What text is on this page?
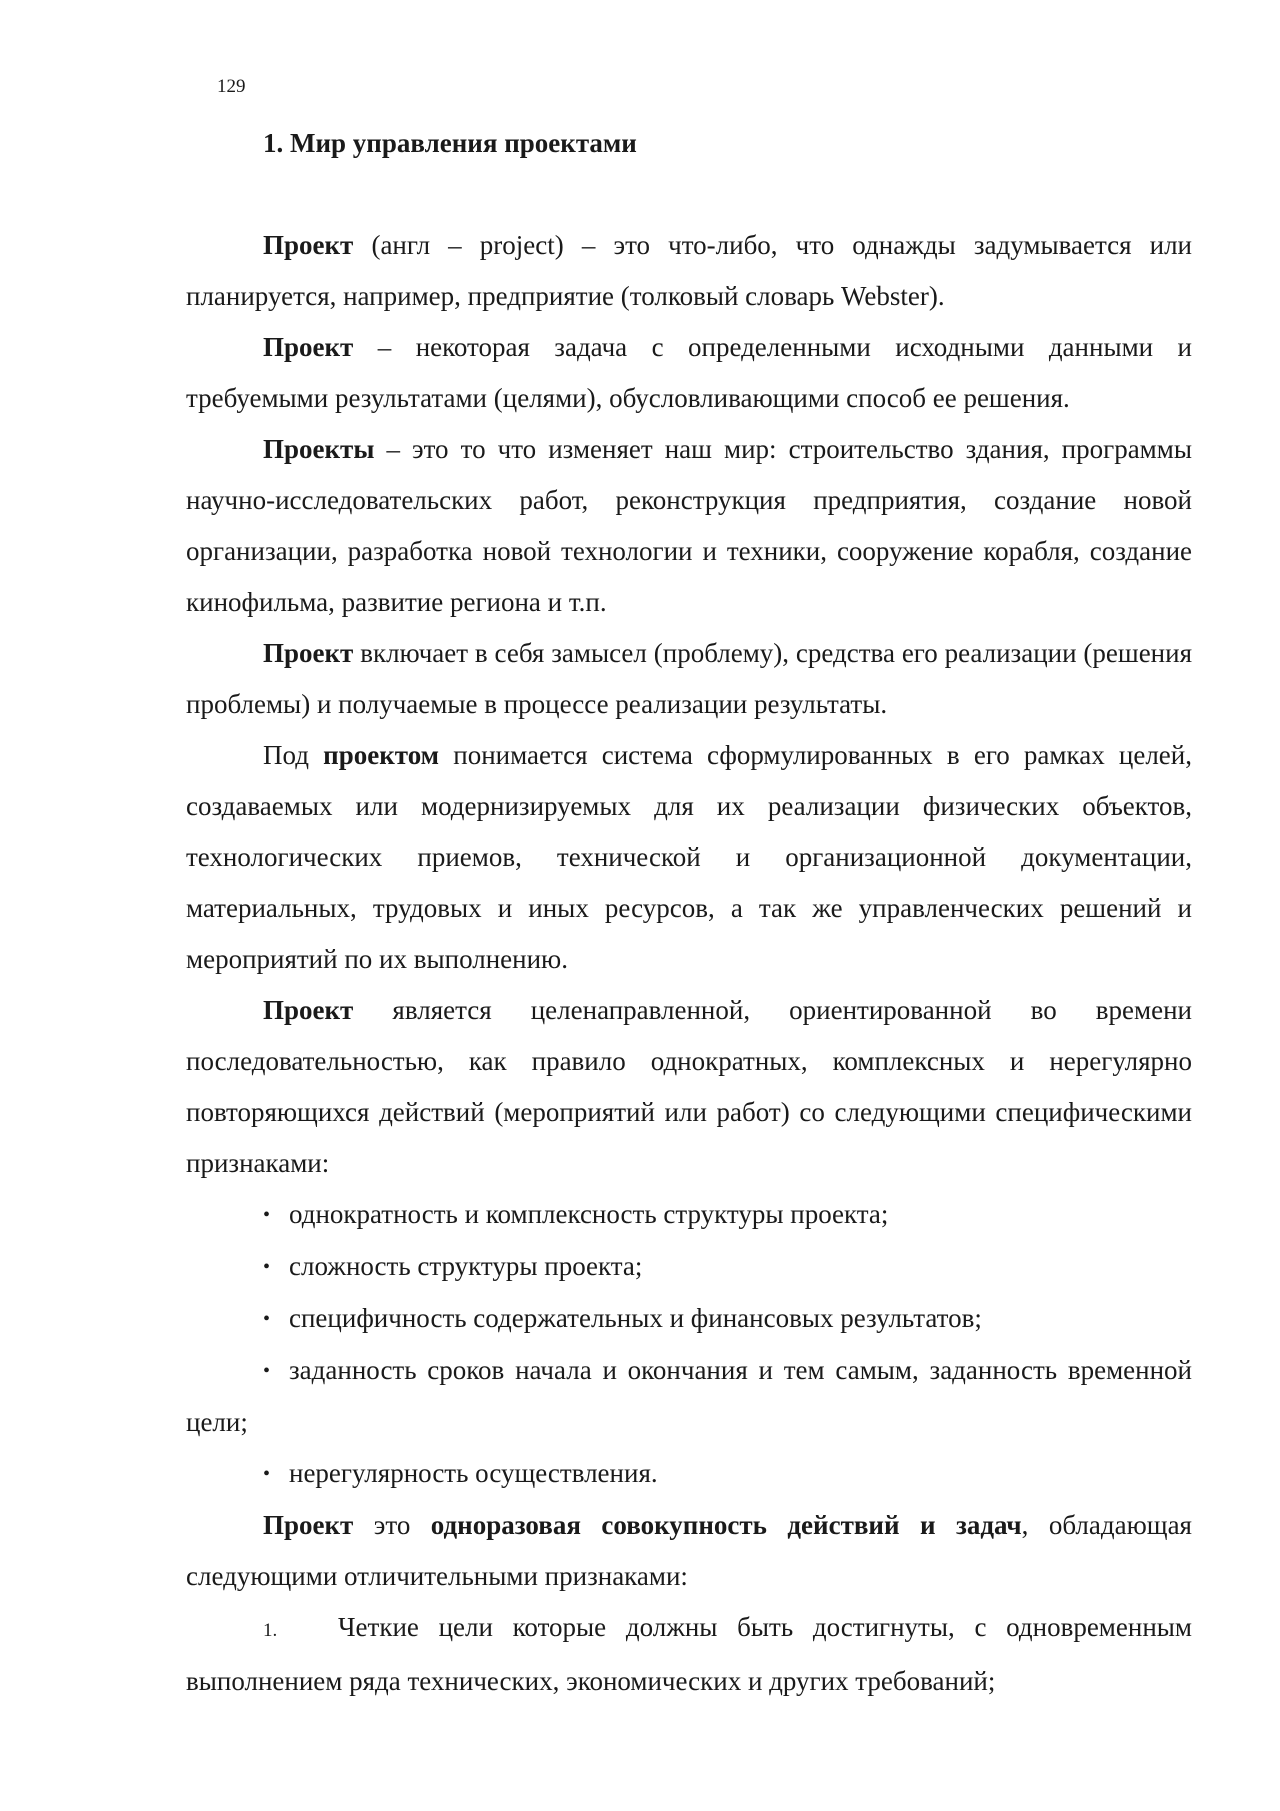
129

1. Мир управления проектами

Проект (англ – project) – это что-либо, что однажды задумывается или планируется, например, предприятие (толковый словарь Webster).

Проект – некоторая задача с определенными исходными данными и требуемыми результатами (целями), обусловливающими способ ее решения.

Проекты – это то что изменяет наш мир: строительство здания, программы научно-исследовательских работ, реконструкция предприятия, создание новой организации, разработка новой технологии и техники, сооружение корабля, создание кинофильма, развитие региона и т.п.

Проект включает в себя замысел (проблему), средства его реализации (решения проблемы) и получаемые в процессе реализации результаты.

Под проектом понимается система сформулированных в его рамках целей, создаваемых или модернизируемых для их реализации физических объектов, технологических приемов, технической и организационной документации, материальных, трудовых и иных ресурсов, а так же управленческих решений и мероприятий по их выполнению.

Проект является целенаправленной, ориентированной во времени последовательностью, как правило однократных, комплексных и нерегулярно повторяющихся действий (мероприятий или работ) со следующими специфическими признаками:

• однократность и комплексность структуры проекта;

• сложность структуры проекта;

• специфичность содержательных и финансовых результатов;

• заданность сроков начала и окончания и тем самым, заданность временной цели;

• нерегулярность осуществления.

Проект это одноразовая совокупность действий и задач, обладающая следующими отличительными признаками:

1. Четкие цели которые должны быть достигнуты, с одновременным выполнением ряда технических, экономических и других требований;
